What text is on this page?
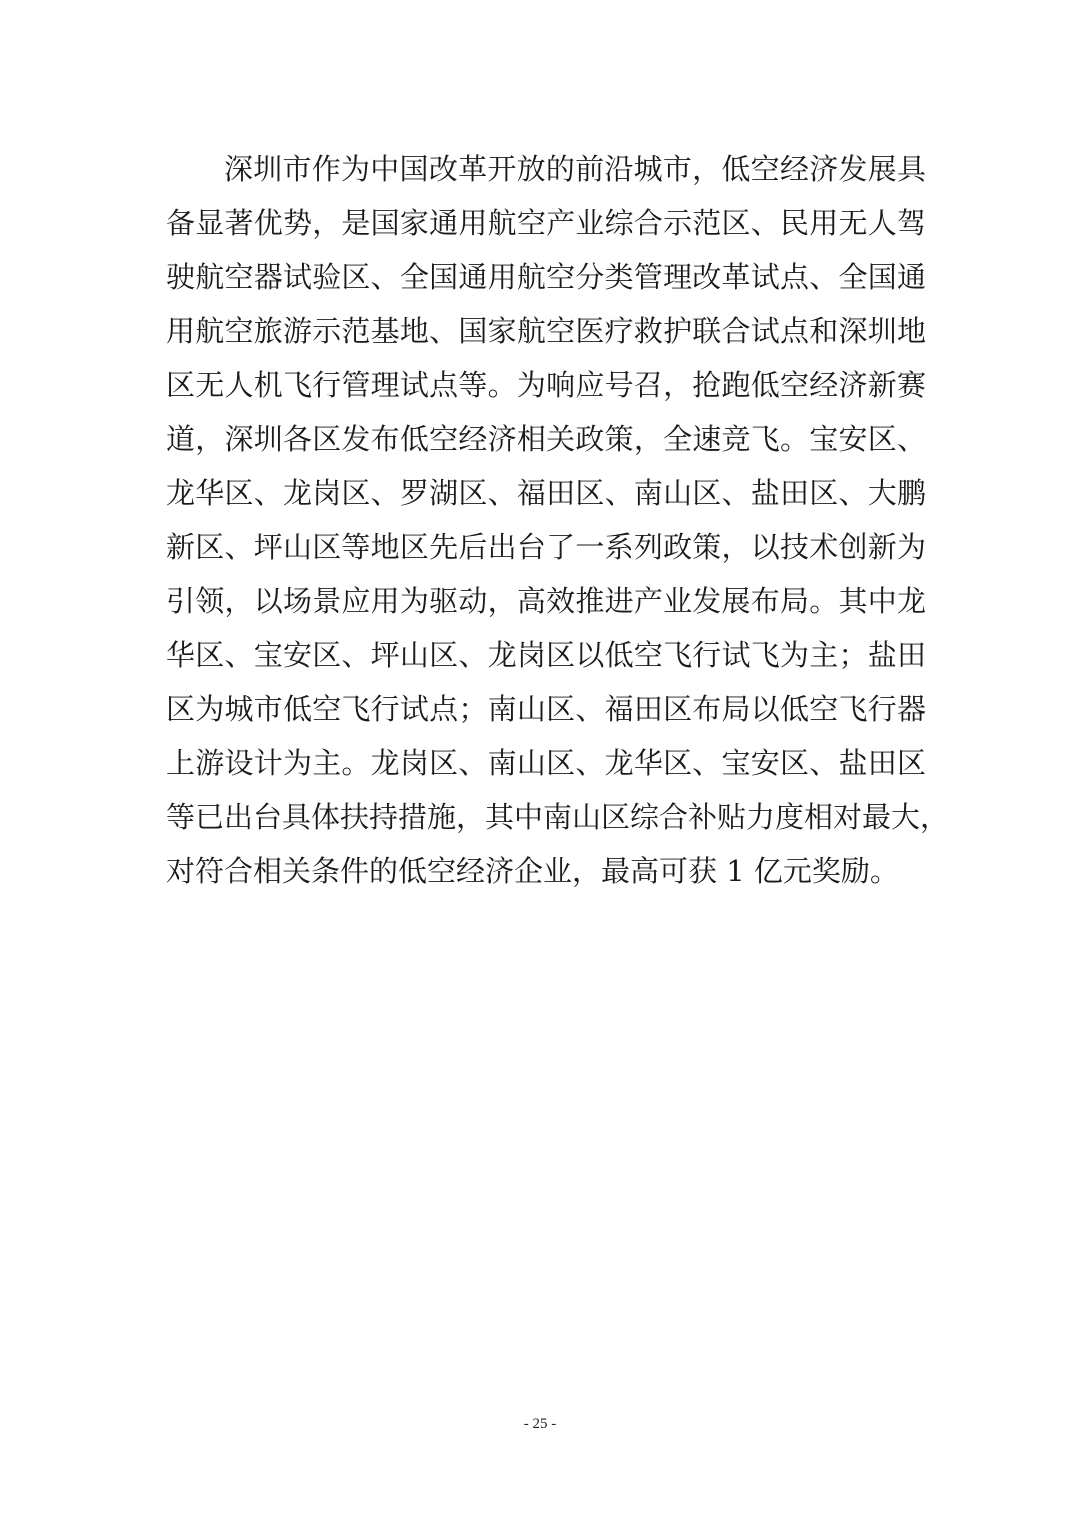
深圳市作为中国改革开放的前沿城市，低空经济发展具
备显著优势，是国家通用航空产业综合示范区、民用无人驾
驶航空器试验区、全国通用航空分类管理改革试点、全国通
用航空旅游示范基地、国家航空医疗救护联合试点和深圳地
区无人机飞行管理试点等。为响应号召，抢跑低空经济新赛
道，深圳各区发布低空经济相关政策，全速竞飞。宝安区、
龙华区、龙岗区、罗湖区、福田区、南山区、盐田区、大鹏
新区、坪山区等地区先后出台了一系列政策，以技术创新为
引领，以场景应用为驱动，高效推进产业发展布局。其中龙
华区、宝安区、坪山区、龙岗区以低空飞行试飞为主；盐田
区为城市低空飞行试点；南山区、福田区布局以低空飞行器
上游设计为主。龙岗区、南山区、龙华区、宝安区、盐田区
等已出台具体扶持措施，其中南山区综合补贴力度相对最大，
对符合相关条件的低空经济企业，最高可获 1 亿元奖励。
- 25 -
